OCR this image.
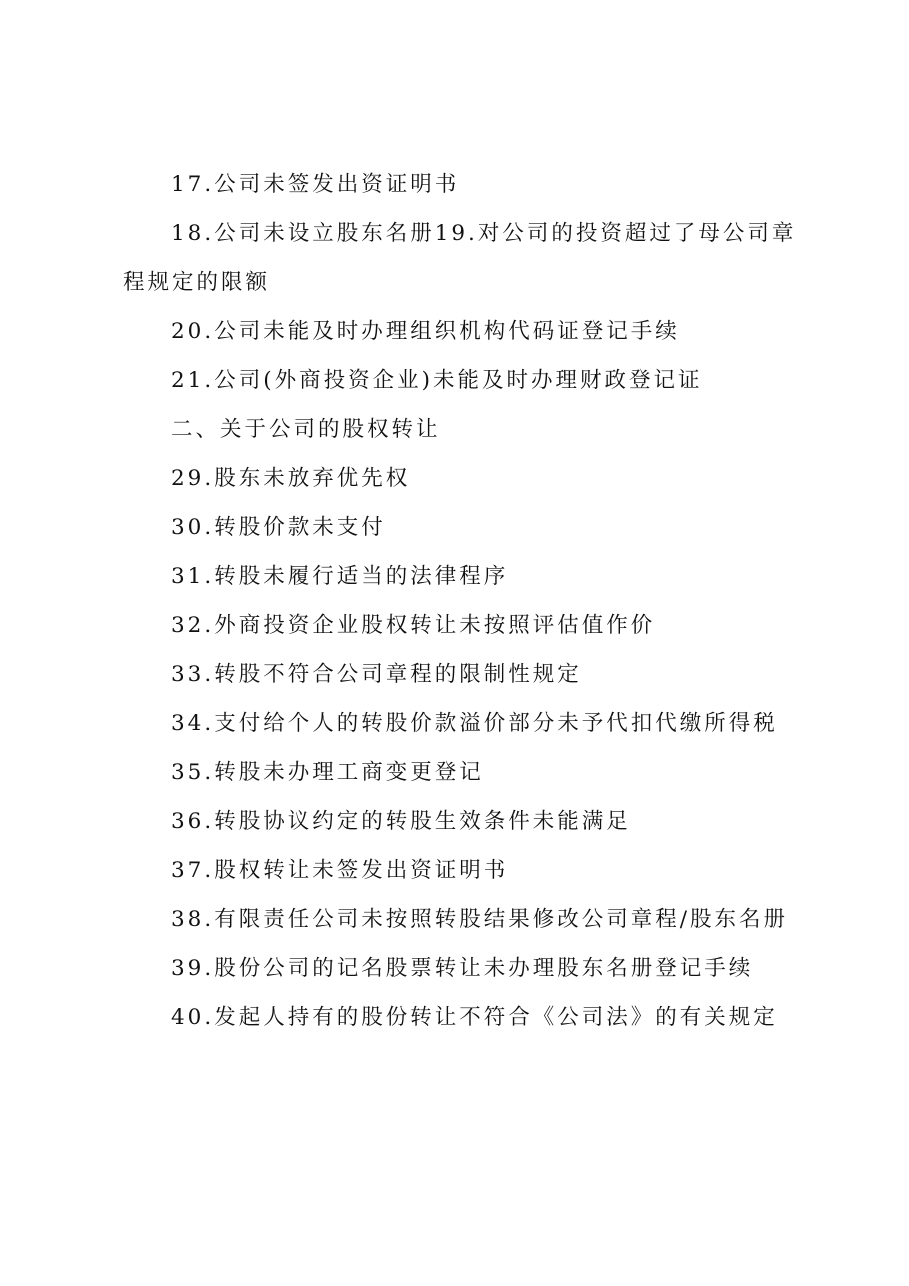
17.公司未签发出资证明书

18.公司未设立股东名册19.对公司的投资超过了母公司章程规定的限额

20.公司未能及时办理组织机构代码证登记手续

21.公司(外商投资企业)未能及时办理财政登记证

二、关于公司的股权转让

29.股东未放弃优先权

30.转股价款未支付

31.转股未履行适当的法律程序

32.外商投资企业股权转让未按照评估值作价

33.转股不符合公司章程的限制性规定

34.支付给个人的转股价款溢价部分未予代扣代缴所得税

35.转股未办理工商变更登记

36.转股协议约定的转股生效条件未能满足

37.股权转让未签发出资证明书

38.有限责任公司未按照转股结果修改公司章程/股东名册

39.股份公司的记名股票转让未办理股东名册登记手续

40.发起人持有的股份转让不符合《公司法》的有关规定
